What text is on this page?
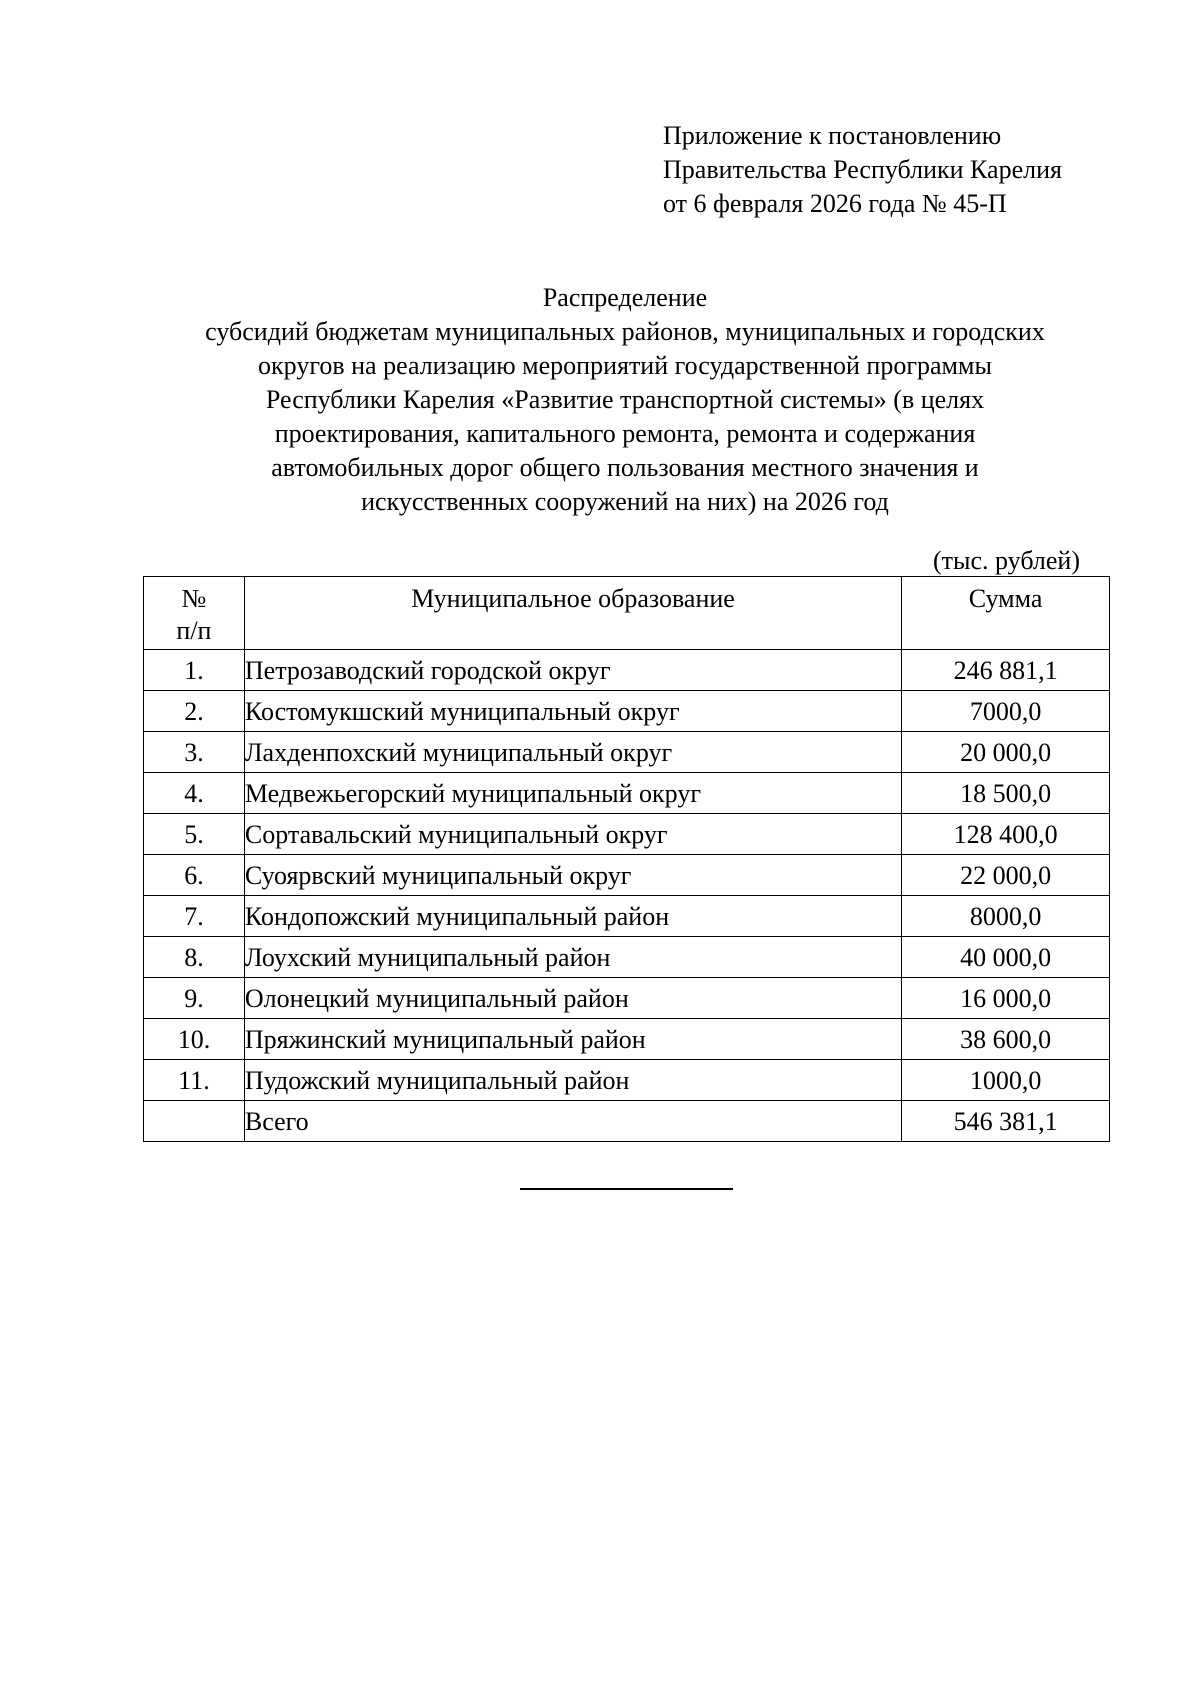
Приложение к постановлению
Правительства Республики Карелия
от 6 февраля 2026 года № 45-П
Распределение
субсидий бюджетам муниципальных районов, муниципальных и городских
округов на реализацию мероприятий государственной программы
Республики Карелия «Развитие транспортной системы» (в целях
проектирования, капитального ремонта, ремонта и содержания
автомобильных дорог общего пользования местного значения и
искусственных сооружений на них) на 2026 год
(тыс. рублей)
№
п/п	Муниципальное образование	Сумма
1.	Петрозаводский городской округ	246 881,1
2.	Костомукшский муниципальный округ	7000,0
3.	Лахденпохский муниципальный округ	20 000,0
4.	Медвежьегорский муниципальный округ	18 500,0
5.	Сортавальский муниципальный округ	128 400,0
6.	Суоярвский муниципальный округ	22 000,0
7.	Кондопожский муниципальный район	8000,0
8.	Лоухский муниципальный район	40 000,0
9.	Олонецкий муниципальный район	16 000,0
10.	Пряжинский муниципальный район	38 600,0
11.	Пудожский муниципальный район	1000,0
	Всего	546 381,1
